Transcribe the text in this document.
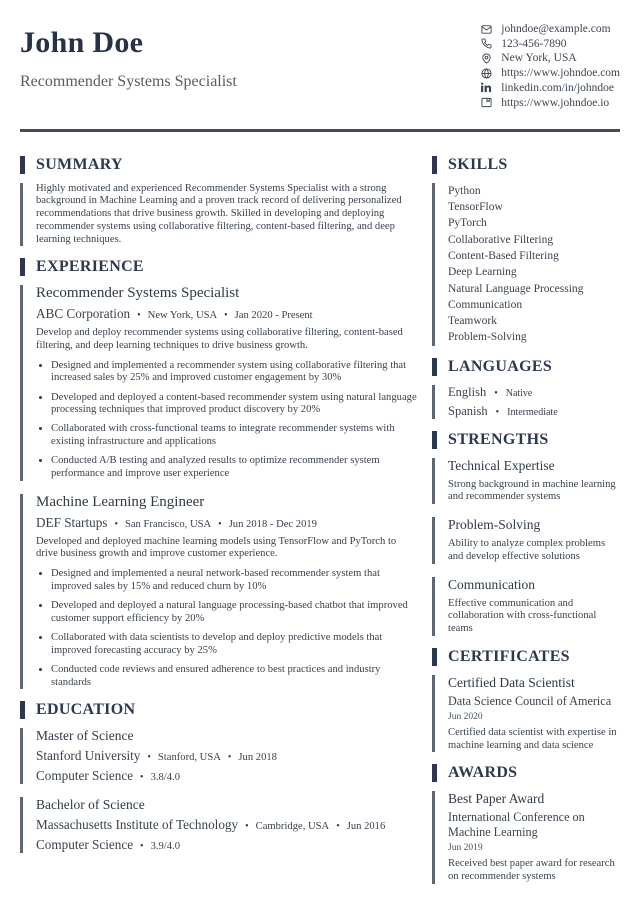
John Doe
Recommender Systems Specialist
johndoe@example.com
123-456-7890
New York, USA
https://www.johndoe.com
linkedin.com/in/johndoe
https://www.johndoe.io
SUMMARY

Highly motivated and experienced Recommender Systems Specialist with a strong background in Machine Learning and a proven track record of delivering personalized recommendations that drive business growth. Skilled in developing and deploying recommender systems using collaborative filtering, content-based filtering, and deep learning techniques.

EXPERIENCE
Recommender Systems Specialist
ABC Corporation • New York, USA • Jan 2020 - Present

Develop and deploy recommender systems using collaborative filtering, content-based filtering, and deep learning techniques to drive business growth.

• Designed and implemented a recommender system using collaborative filtering that increased sales by 25% and improved customer engagement by 30%
• Developed and deployed a content-based recommender system using natural language processing techniques that improved product discovery by 20%
• Collaborated with cross-functional teams to integrate recommender systems with existing infrastructure and applications
• Conducted A/B testing and analyzed results to optimize recommender system performance and improve user experience
Machine Learning Engineer
DEF Startups • San Francisco, USA • Jun 2018 - Dec 2019

Developed and deployed machine learning models using TensorFlow and PyTorch to drive business growth and improve customer experience.

• Designed and implemented a neural network-based recommender system that improved sales by 15% and reduced churn by 10%
• Developed and deployed a natural language processing-based chatbot that improved customer support efficiency by 20%
• Collaborated with data scientists to develop and deploy predictive models that improved forecasting accuracy by 25%
• Conducted code reviews and ensured adherence to best practices and industry standards
EDUCATION
Master of Science
Stanford University • Stanford, USA • Jun 2018
Computer Science • 3.8/4.0
Bachelor of Science
Massachusetts Institute of Technology • Cambridge, USA • Jun 2016
Computer Science • 3.9/4.0
SKILLS
Python
TensorFlow
PyTorch
Collaborative Filtering
Content-Based Filtering
Deep Learning
Natural Language Processing
Communication
Teamwork
Problem-Solving
LANGUAGES
English • Native
Spanish • Intermediate
STRENGTHS
Technical Expertise
Strong background in machine learning and recommender systems
Problem-Solving
Ability to analyze complex problems and develop effective solutions
Communication
Effective communication and collaboration with cross-functional teams
CERTIFICATES
Certified Data Scientist
Data Science Council of America
Jun 2020
Certified data scientist with expertise in machine learning and data science
AWARDS
Best Paper Award
International Conference on Machine Learning
Jun 2019
Received best paper award for research on recommender systems
